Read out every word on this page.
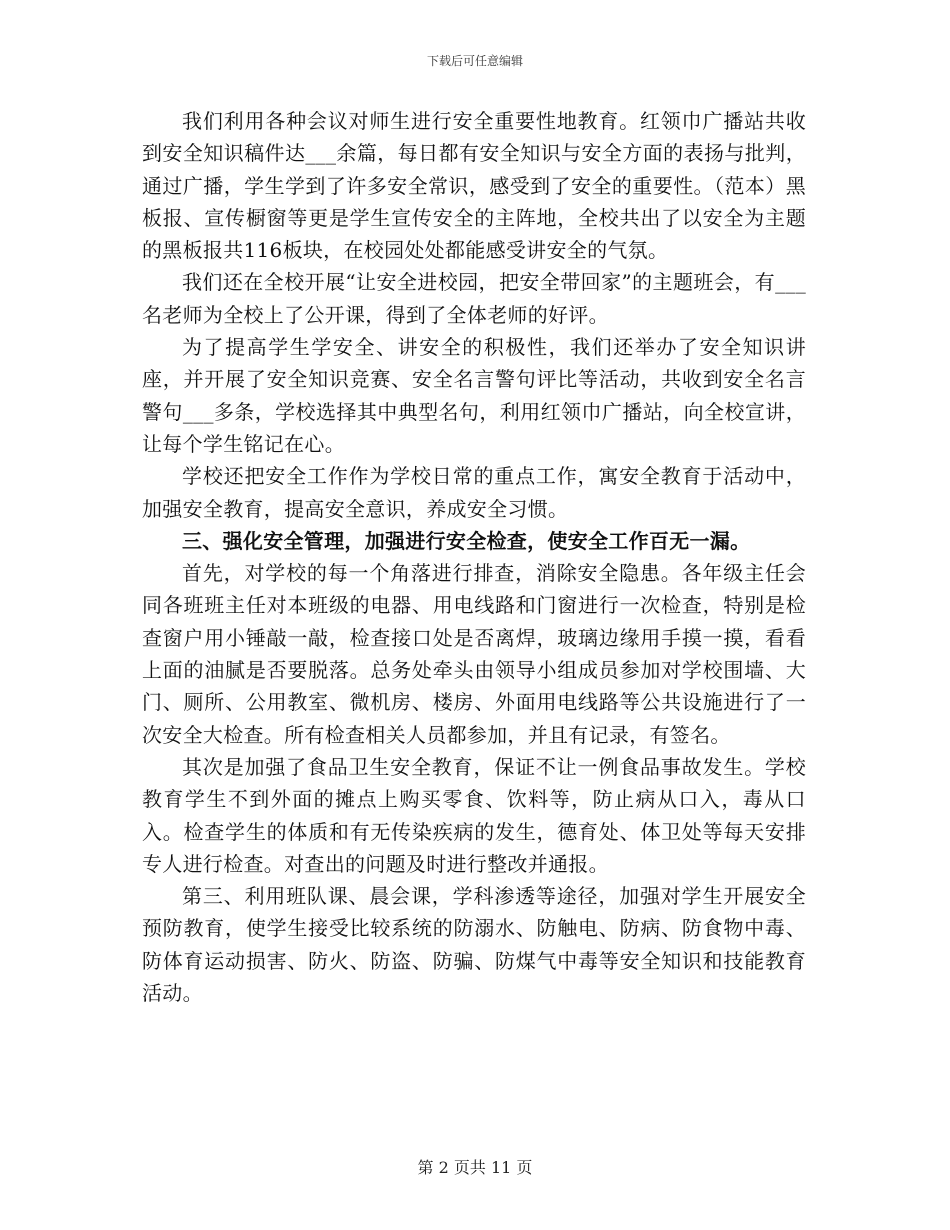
下载后可任意编辑

我们利用各种会议对师生进行安全重要性地教育。红领巾广播站共收到安全知识稿件达___余篇，每日都有安全知识与安全方面的表扬与批判，通过广播，学生学到了许多安全常识，感受到了安全的重要性。（范本）黑板报、宣传橱窗等更是学生宣传安全的主阵地，全校共出了以安全为主题的黑板报共116板块，在校园处处都能感受讲安全的气氛。

我们还在全校开展“让安全进校园，把安全带回家”的主题班会，有___名老师为全校上了公开课，得到了全体老师的好评。

为了提高学生学安全、讲安全的积极性，我们还举办了安全知识讲座，并开展了安全知识竞赛、安全名言警句评比等活动，共收到安全名言警句___多条，学校选择其中典型名句，利用红领巾广播站，向全校宣讲，让每个学生铭记在心。

学校还把安全工作作为学校日常的重点工作，寓安全教育于活动中，加强安全教育，提高安全意识，养成安全习惯。

三、强化安全管理，加强进行安全检查，使安全工作百无一漏。

首先，对学校的每一个角落进行排查，消除安全隐患。各年级主任会同各班班主任对本班级的电器、用电线路和门窗进行一次检查，特别是检查窗户用小锤敲一敲，检查接口处是否离焊，玻璃边缘用手摸一摸，看看上面的油腻是否要脱落。总务处牵头由领导小组成员参加对学校围墙、大门、厕所、公用教室、微机房、楼房、外面用电线路等公共设施进行了一次安全大检查。所有检查相关人员都参加，并且有记录，有签名。

其次是加强了食品卫生安全教育，保证不让一例食品事故发生。学校教育学生不到外面的摊点上购买零食、饮料等，防止病从口入，毒从口入。检查学生的体质和有无传染疾病的发生，德育处、体卫处等每天安排专人进行检查。对查出的问题及时进行整改并通报。

第三、利用班队课、晨会课，学科渗透等途径，加强对学生开展安全预防教育，使学生接受比较系统的防溺水、防触电、防病、防食物中毒、防体育运动损害、防火、防盗、防骗、防煤气中毒等安全知识和技能教育活动。

第 2 页共 11 页
